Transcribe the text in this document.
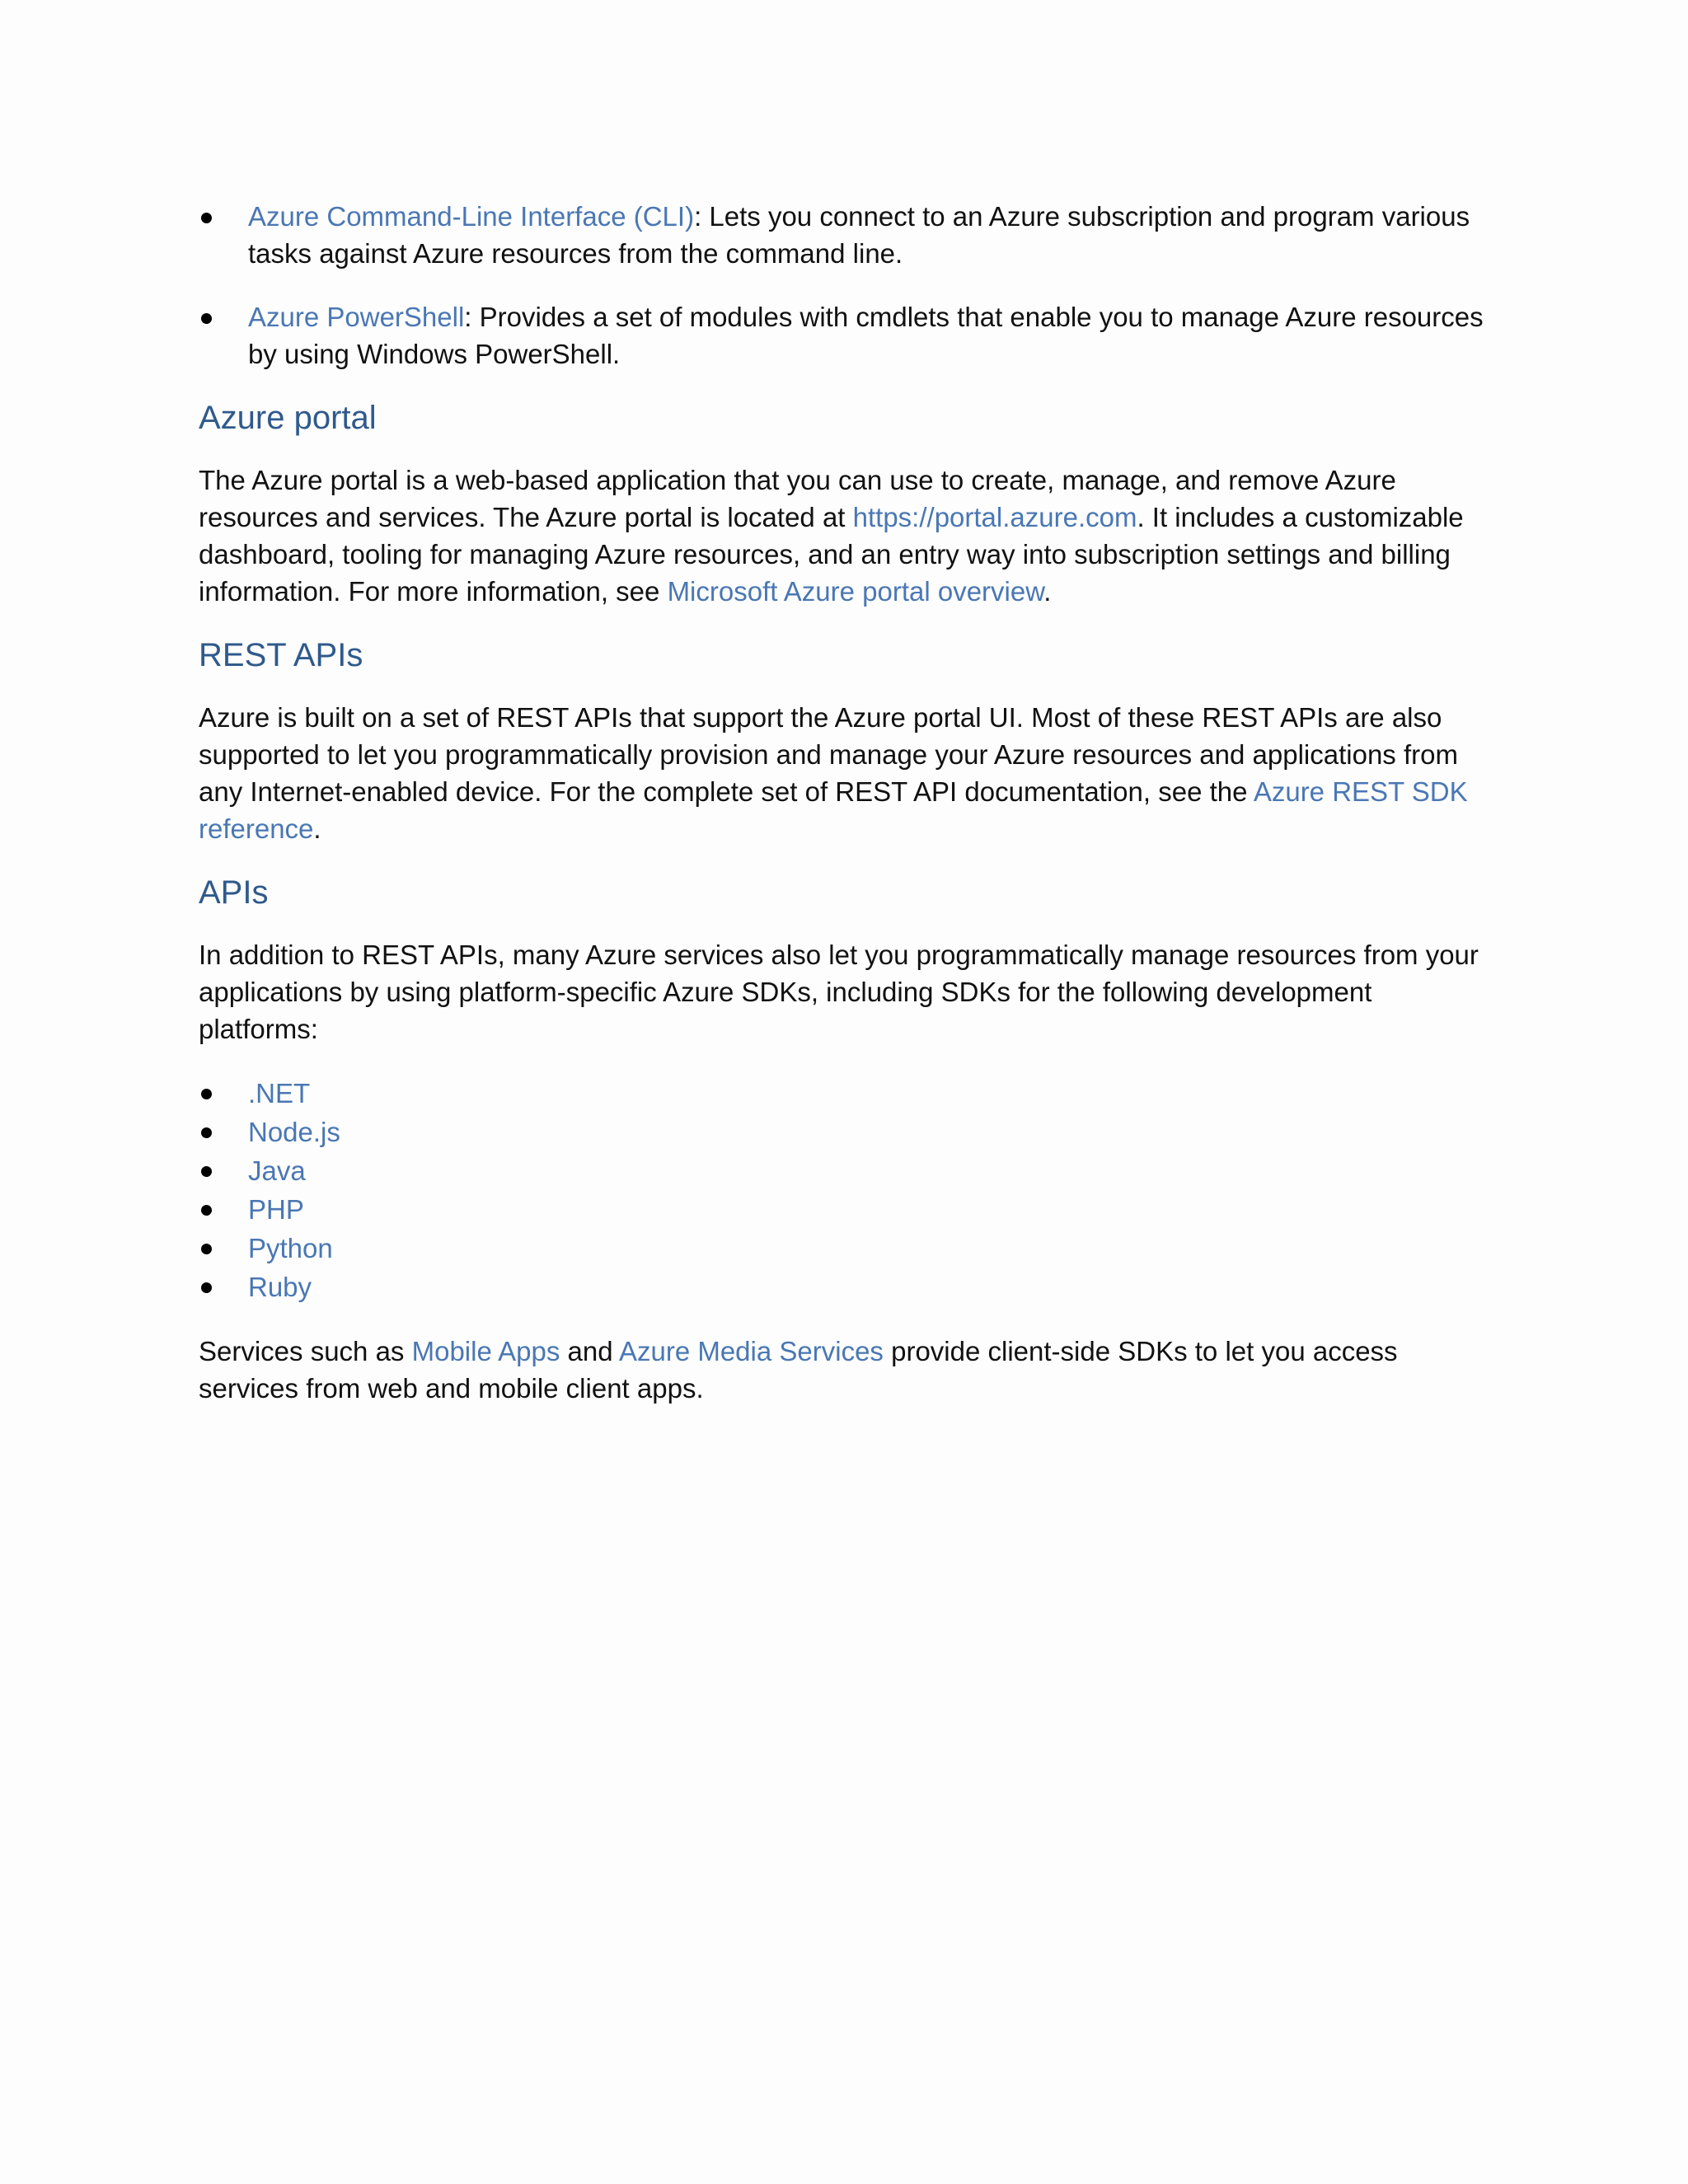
Azure Command-Line Interface (CLI): Lets you connect to an Azure subscription and program various tasks against Azure resources from the command line.
Azure PowerShell: Provides a set of modules with cmdlets that enable you to manage Azure resources by using Windows PowerShell.
Azure portal

The Azure portal is a web-based application that you can use to create, manage, and remove Azure resources and services. The Azure portal is located at https://portal.azure.com. It includes a customizable dashboard, tooling for managing Azure resources, and an entry way into subscription settings and billing information. For more information, see Microsoft Azure portal overview.

REST APIs

Azure is built on a set of REST APIs that support the Azure portal UI. Most of these REST APIs are also supported to let you programmatically provision and manage your Azure resources and applications from any Internet-enabled device. For the complete set of REST API documentation, see the Azure REST SDK reference.

APIs

In addition to REST APIs, many Azure services also let you programmatically manage resources from your applications by using platform-specific Azure SDKs, including SDKs for the following development platforms:

.NET
Node.js
Java
PHP
Python
Ruby

Services such as Mobile Apps and Azure Media Services provide client-side SDKs to let you access services from web and mobile client apps.
